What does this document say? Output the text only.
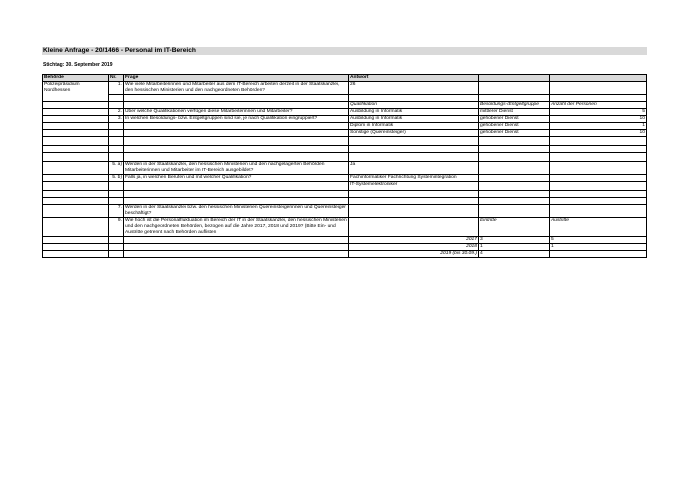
Kleine Anfrage - 20/1466 - Personal im IT-Bereich
Stichtag: 30. September 2019
Behörde	Nr.	Frage	Antwort		
Polizeipräsidium Nordhessen	1.	Wie viele Mitarbeiterinnen und Mitarbeiter aus dem IT-Bereich arbeiten derzeit in der Staatskanzlei, den hessischen Ministerien und den nachgeordneten Behörden?	26		

			Qualifikation	Besoldungs-/Entgeltgruppe	Anzahl der Personen
	2.	Über welche Qualifikationen verfügen diese Mitarbeiterinnen und Mitarbeiter?	Ausbildung in Informatik	mittlerer Dienst	5
	3.	In welchen Besoldungs- bzw. Entgeltgruppen sind sie, je nach Qualifikation eingruppiert?	Ausbildung in Informatik	gehobener Dienst	10
			Diplom in Informatik	gehobener Dienst	1
			Sonstige (Quereinsteiger)	gehobener Dienst	10

	5. a)	Werden in der Staatskanzlei, den hessischen Ministerien und den nachgelagerten Behörden Mitarbeiterinnen und Mitarbeiter im IT-Bereich ausgebildet?	Ja		
	5. b)	Falls ja, in welchen Berufen und mit welcher Qualifikation?	Fachinformatiker Fachrichtung Systemintegration		
			IT-Systemelektroniker		

	7.	Werden in der Staatskanzlei bzw. den hessischen Ministerien Quereinsteigerinnen und Quereinsteiger beschäftigt?			
	9.	Wie hoch ist die Personalfluktuation im Bereich der IT in der Staatskanzlei, den hessischen Ministerien und den nachgeordneten Behörden, bezogen auf die Jahre 2017, 2018 und 2019? (Bitte Ein- und Austritte getrennt nach Behörden auflisten		Eintritte	Austritte
			2017	3	5
			2018	1	1
			2019 (bis 30.09.)	4	
